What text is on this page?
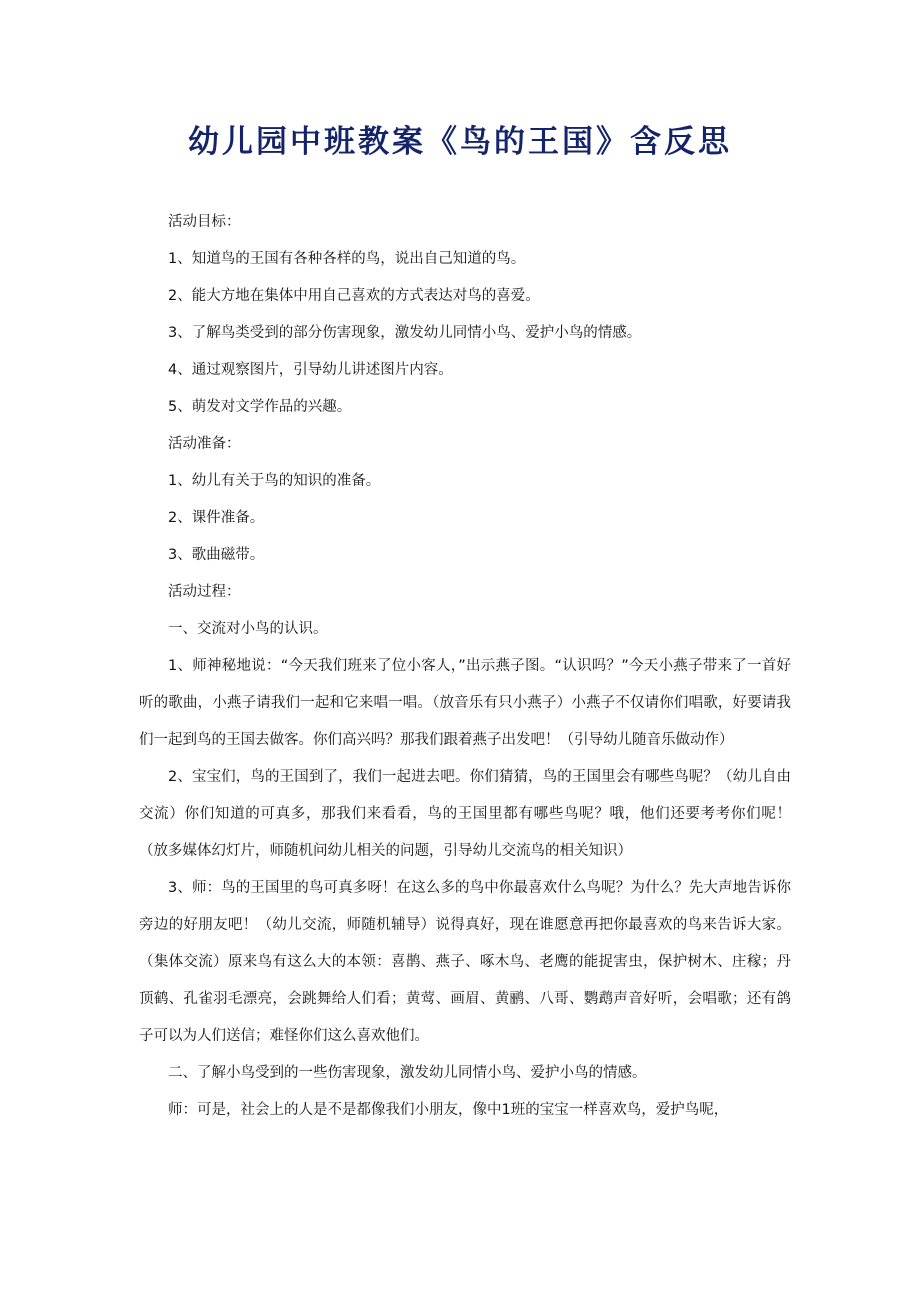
幼儿园中班教案《鸟的王国》含反思

活动目标：

1、知道鸟的王国有各种各样的鸟，说出自己知道的鸟。

2、能大方地在集体中用自己喜欢的方式表达对鸟的喜爱。

3、了解鸟类受到的部分伤害现象，激发幼儿同情小鸟、爱护小鸟的情感。

4、通过观察图片，引导幼儿讲述图片内容。

5、萌发对文学作品的兴趣。

活动准备：

1、幼儿有关于鸟的知识的准备。

2、课件准备。

3、歌曲磁带。

活动过程：

一、交流对小鸟的认识。

1、师神秘地说：“今天我们班来了位小客人，”出示燕子图。“认识吗？”今天小燕子带来了一首好听的歌曲，小燕子请我们一起和它来唱一唱。（放音乐有只小燕子）小燕子不仅请你们唱歌，好要请我们一起到鸟的王国去做客。你们高兴吗？那我们跟着燕子出发吧！（引导幼儿随音乐做动作）

2、宝宝们，鸟的王国到了，我们一起进去吧。你们猜猜，鸟的王国里会有哪些鸟呢？（幼儿自由交流）你们知道的可真多，那我们来看看，鸟的王国里都有哪些鸟呢？哦，他们还要考考你们呢！（放多媒体幻灯片，师随机问幼儿相关的问题，引导幼儿交流鸟的相关知识）

3、师：鸟的王国里的鸟可真多呀！在这么多的鸟中你最喜欢什么鸟呢？为什么？先大声地告诉你旁边的好朋友吧！（幼儿交流，师随机辅导）说得真好，现在谁愿意再把你最喜欢的鸟来告诉大家。（集体交流）原来鸟有这么大的本领：喜鹊、燕子、啄木鸟、老鹰的能捉害虫，保护树木、庄稼；丹顶鹤、孔雀羽毛漂亮，会跳舞给人们看；黄莺、画眉、黄鹂、八哥、鹦鹉声音好听，会唱歌；还有鸽子可以为人们送信；难怪你们这么喜欢他们。

二、了解小鸟受到的一些伤害现象，激发幼儿同情小鸟、爱护小鸟的情感。

师：可是，社会上的人是不是都像我们小朋友，像中1班的宝宝一样喜欢鸟，爱护鸟呢，
